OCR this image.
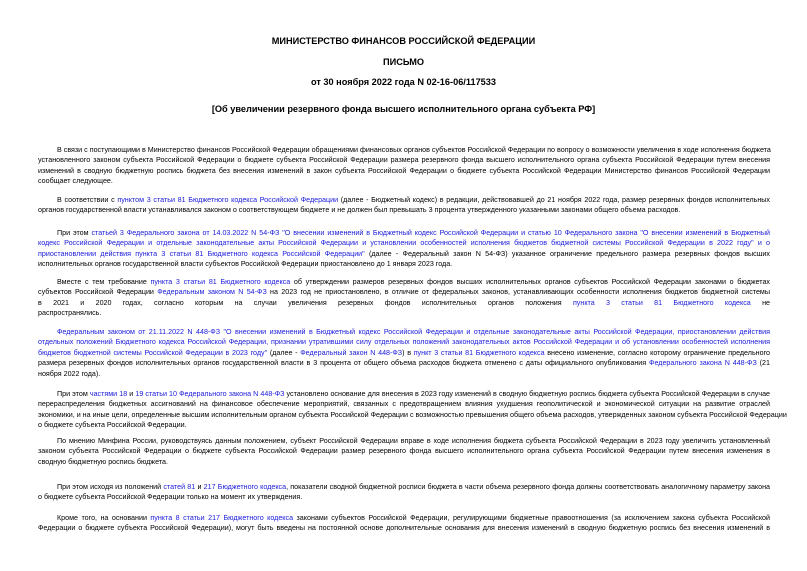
МИНИСТЕРСТВО ФИНАНСОВ РОССИЙСКОЙ ФЕДЕРАЦИИ
ПИСЬМО
от 30 ноября 2022 года N 02-16-06/117533
[Об увеличении резервного фонда высшего исполнительного органа субъекта РФ]
В связи с поступающими в Министерство финансов Российской Федерации обращениями финансовых органов субъектов Российской Федерации по вопросу о возможности увеличения в ходе исполнения бюджета
установленного законом субъекта Российской Федерации о бюджете субъекта Российской Федерации размера резервного фонда высшего исполнительного органа субъекта Российской Федерации путем внесения
изменений в сводную бюджетную роспись бюджета без внесения изменений в закон субъекта Российской Федерации о бюджете субъекта Российской Федерации Министерство финансов Российской Федерации
сообщает следующее.
В соответствии с пунктом 3 статьи 81 Бюджетного кодекса Российской Федерации (далее - Бюджетный кодекс) в редакции, действовавшей до 21 ноября 2022 года, размер резервных фондов исполнительных
органов государственной власти устанавливался законом о соответствующем бюджете и не должен был превышать 3 процента утвержденного указанными законами общего объема расходов.
При этом статьей 3 Федерального закона от 14.03.2022 N 54-ФЗ "О внесении изменений в Бюджетный кодекс Российской Федерации и статью 10 Федерального закона "О внесении изменений в Бюджетный
кодекс Российской Федерации и отдельные законодательные акты Российской Федерации и установлении особенностей исполнения бюджетов бюджетной системы Российской Федерации в 2022 году" и о
приостановлении действия пункта 3 статьи 81 Бюджетного кодекса Российской Федерации" (далее - Федеральный закон N 54-ФЗ) указанное ограничение предельного размера резервных фондов высших
исполнительных органов государственной власти субъектов Российской Федерации приостановлено до 1 января 2023 года.
Вместе с тем требование пункта 3 статьи 81 Бюджетного кодекса об утверждении размеров резервных фондов высших исполнительных органов субъектов Российской Федерации законами о бюджетах
субъектов Российской Федерации Федеральным законом N 54-ФЗ на 2023 год не приостановлено, в отличие от федеральных законов, устанавливающих особенности исполнения бюджетов бюджетной системы
в 2021 и 2020 годах, согласно которым на случаи увеличения резервных фондов исполнительных органов положения пункта 3 статьи 81 Бюджетного кодекса не
распространялись.
Федеральным законом от 21.11.2022 N 448-ФЗ "О внесении изменений в Бюджетный кодекс Российской Федерации и отдельные законодательные акты Российской Федерации, приостановлении действия
отдельных положений Бюджетного кодекса Российской Федерации, признании утратившими силу отдельных положений законодательных актов Российской Федерации и об установлении особенностей исполнения
бюджетов бюджетной системы Российской Федерации в 2023 году" (далее - Федеральный закон N 448-ФЗ) в пункт 3 статьи 81 Бюджетного кодекса внесено изменение, согласно которому ограничение предельного
размера резервных фондов исполнительных органов государственной власти в 3 процента от общего объема расходов бюджета отменено с даты официального опубликования Федерального закона N 448-ФЗ (21
ноября 2022 года).
При этом частями 18 и 19 статьи 10 Федерального закона N 448-ФЗ установлено основание для внесения в 2023 году изменений в сводную бюджетную роспись бюджета субъекта Российской Федерации в случае
перераспределения бюджетных ассигнований на финансовое обеспечение мероприятий, связанных с предотвращением влияния ухудшения геополитической и экономической ситуации на развитие отраслей
экономики, и на иные цели, определенные высшим исполнительным органом субъекта Российской Федерации с возможностью превышения общего объема расходов, утвержденных законом субъекта Российской Федерации
о бюджете субъекта Российской Федерации.
По мнению Минфина России, руководствуясь данным положением, субъект Российской Федерации вправе в ходе исполнения бюджета субъекта Российской Федерации в 2023 году увеличить установленный
законом субъекта Российской Федерации о бюджете субъекта Российской Федерации размер резервного фонда высшего исполнительного органа субъекта Российской Федерации путем внесения изменения в
сводную бюджетную роспись бюджета.
При этом исходя из положений статей 81 и 217 Бюджетного кодекса, показатели сводной бюджетной росписи бюджета в части объема резервного фонда должны соответствовать аналогичному параметру закона
о бюджете субъекта Российской Федерации только на момент их утверждения.
Кроме того, на основании пункта 8 статьи 217 Бюджетного кодекса законами субъектов Российской Федерации, регулирующими бюджетные правоотношения (за исключением закона субъекта Российской
Федерации о бюджете субъекта Российской Федерации), могут быть введены на постоянной основе дополнительные основания для внесения изменений в сводную бюджетную роспись без внесения изменений в
